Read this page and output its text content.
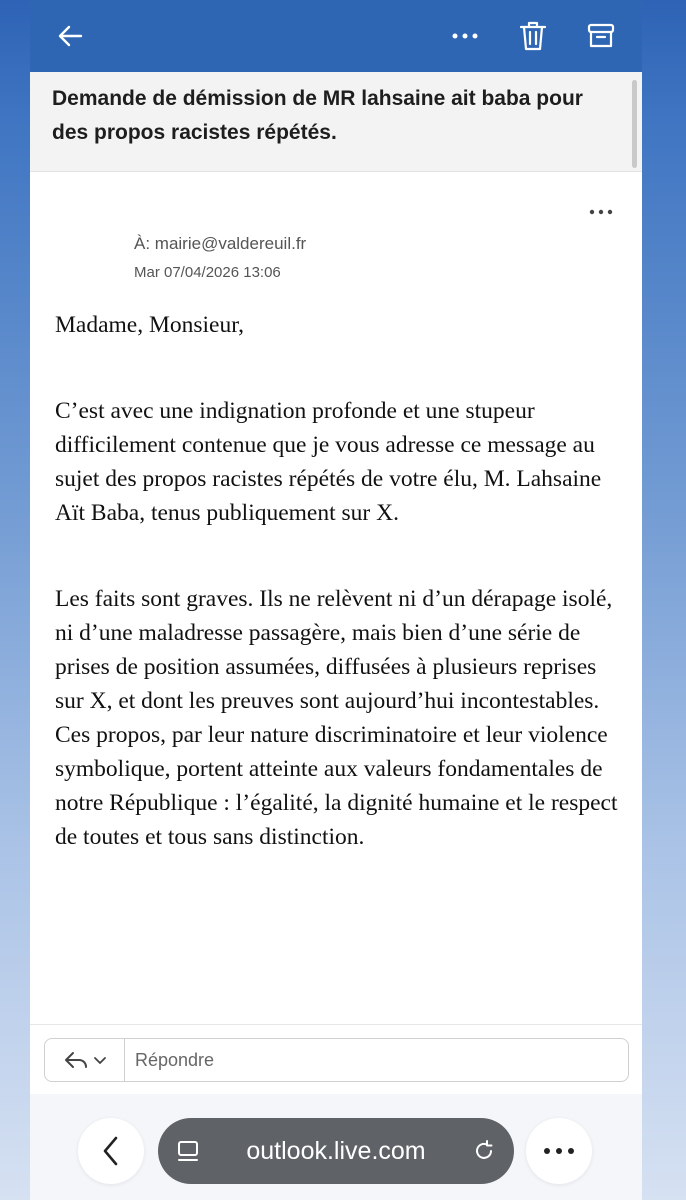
Demande de démission de MR lahsaine ait baba pour des propos racistes répétés.
À: mairie@valdereuil.fr
Mar 07/04/2026 13:06

Madame, Monsieur,

C’est avec une indignation profonde et une stupeur difficilement contenue que je vous adresse ce message au sujet des propos racistes répétés de votre élu, M. Lahsaine Aït Baba, tenus publiquement sur X.

Les faits sont graves. Ils ne relèvent ni d’un dérapage isolé, ni d’une maladresse passagère, mais bien d’une série de prises de position assumées, diffusées à plusieurs reprises sur X, et dont les preuves sont aujourd’hui incontestables. Ces propos, par leur nature discriminatoire et leur violence symbolique, portent atteinte aux valeurs fondamentales de notre République : l’égalité, la dignité humaine et le respect de toutes et tous sans distinction.

Répondre
outlook.live.com
